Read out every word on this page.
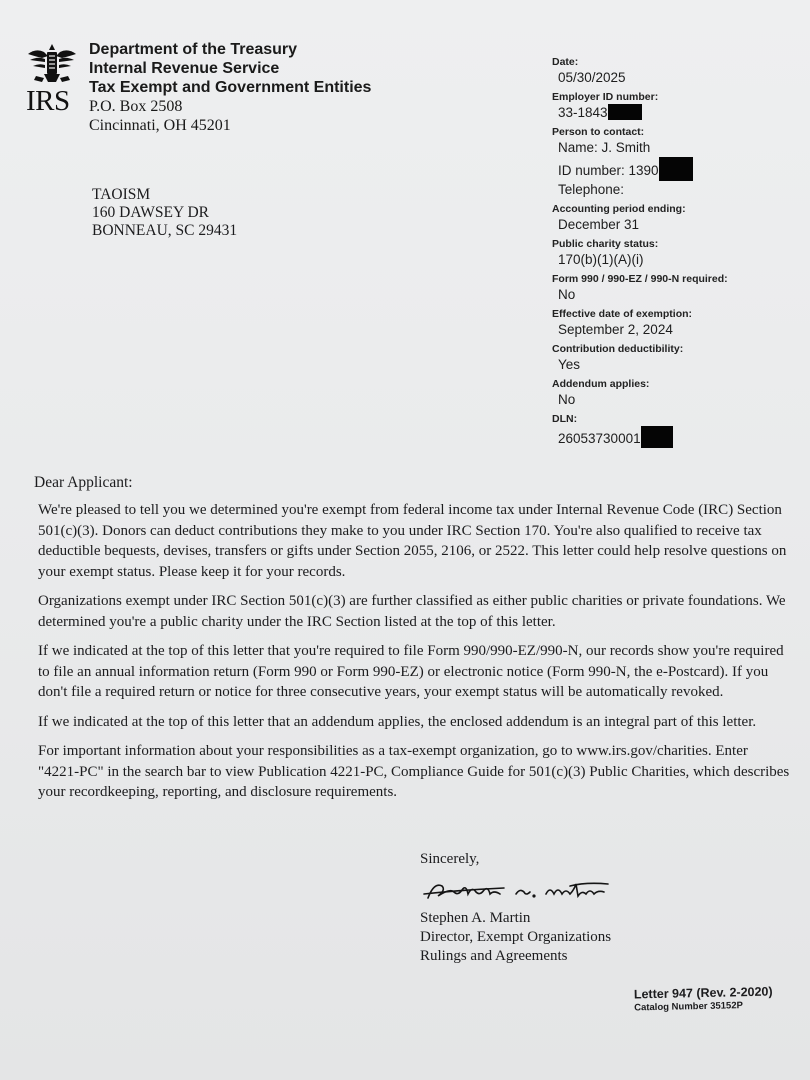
IRS
Department of the Treasury
Internal Revenue Service
Tax Exempt and Government Entities
P.O. Box 2508
Cincinnati, OH 45201
TAOISM
160 DAWSEY DR
BONNEAU, SC 29431
Date:
05/30/2025
Employer ID number:
33-1843
Person to contact:
Name: J. Smith
ID number: 1390
Telephone:
Accounting period ending:
December 31
Public charity status:
170(b)(1)(A)(i)
Form 990 / 990-EZ / 990-N required:
No
Effective date of exemption:
September 2, 2024
Contribution deductibility:
Yes
Addendum applies:
No
DLN:
26053730001
Dear Applicant:

We're pleased to tell you we determined you're exempt from federal income tax under Internal Revenue Code (IRC) Section 501(c)(3). Donors can deduct contributions they make to you under IRC Section 170. You're also qualified to receive tax deductible bequests, devises, transfers or gifts under Section 2055, 2106, or 2522. This letter could help resolve questions on your exempt status. Please keep it for your records.

Organizations exempt under IRC Section 501(c)(3) are further classified as either public charities or private foundations. We determined you're a public charity under the IRC Section listed at the top of this letter.

If we indicated at the top of this letter that you're required to file Form 990/990-EZ/990-N, our records show you're required to file an annual information return (Form 990 or Form 990-EZ) or electronic notice (Form 990-N, the e-Postcard). If you don't file a required return or notice for three consecutive years, your exempt status will be automatically revoked.

If we indicated at the top of this letter that an addendum applies, the enclosed addendum is an integral part of this letter.

For important information about your responsibilities as a tax-exempt organization, go to www.irs.gov/charities. Enter "4221-PC" in the search bar to view Publication 4221-PC, Compliance Guide for 501(c)(3) Public Charities, which describes your recordkeeping, reporting, and disclosure requirements.

Sincerely,
Stephen A. Martin
Director, Exempt Organizations
Rulings and Agreements
Letter 947 (Rev. 2-2020)
Catalog Number 35152P
